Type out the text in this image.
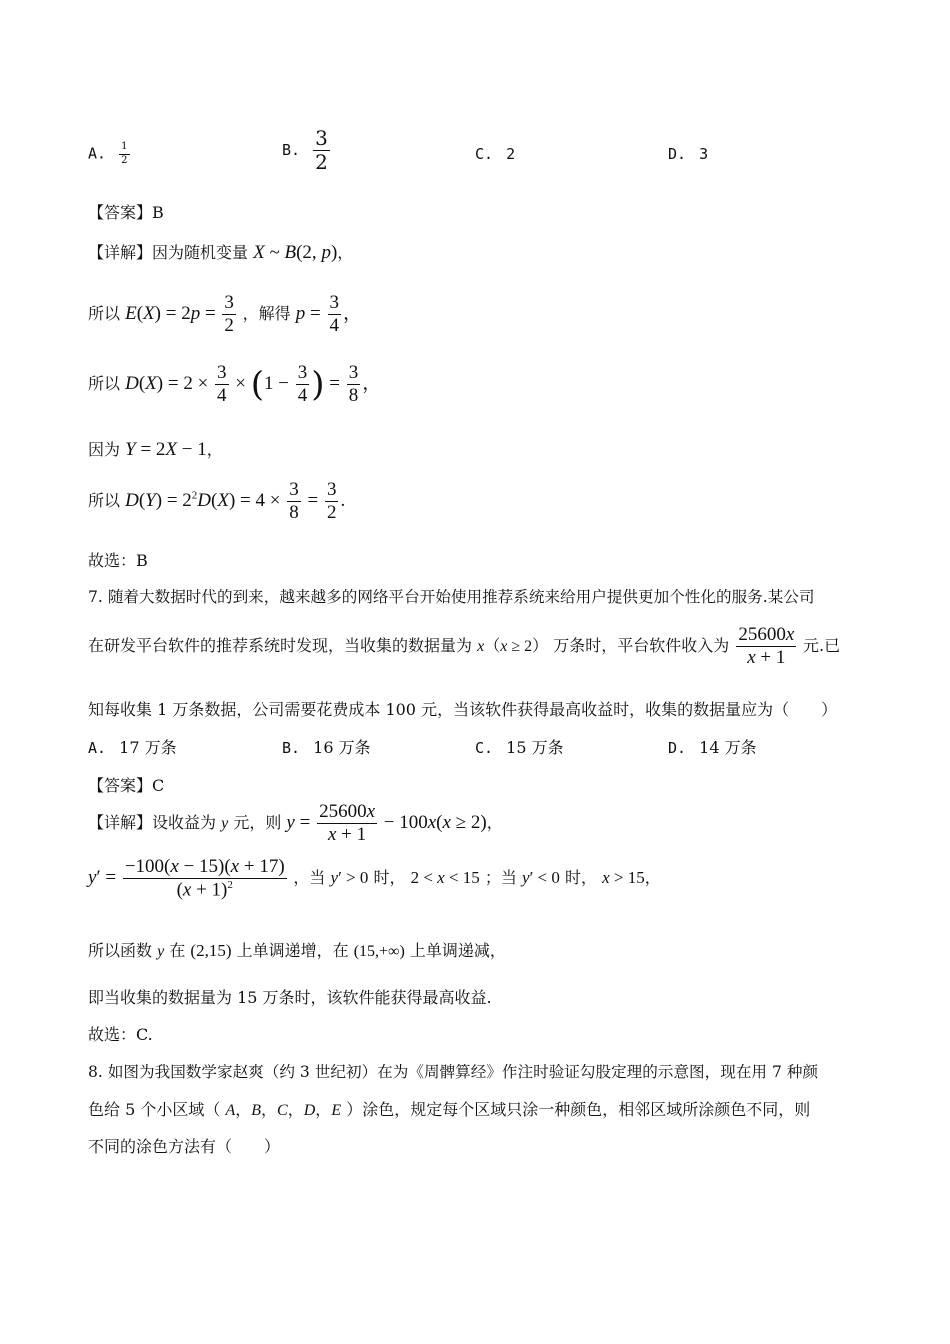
A. $\frac{1}{2}$	B. $\frac{3}{2}$	C. 2	D. 3
【答案】B
【详解】因为随机变量 X ~ B(2, p)，
所以 $E(X) = 2p = \frac{3}{2}$ ，解得 $p = \frac{3}{4}$ ，
所以 $D(X) = 2 \times \frac{3}{4} \times (1 - \frac{3}{4}$ ) = $\frac{3}{8}$ ，
因为 Y = 2X − 1，
所以 $D(Y) = 2^2D(X) = 4 \times \frac{3}{8} = \frac{3}{2}$ .
故选：B
7. 随着大数据时代的到来，越来越多的网络平台开始使用推荐系统来给用户提供更加个性化的服务.某公司
在研发平台软件的推荐系统时发现，当收集的数据量为 x（x ≥ 2） 万条时，平台软件收入为 $\frac{25600x}{x + 1}$ 元.已
知每收集 1 万条数据，公司需要花费成本 100 元，当该软件获得最高收益时，收集的数据量应为（　　）
A. 17 万条	B. 16 万条	C. 15 万条	D. 14 万条
【答案】C
【详解】设收益为 y 元，则 $y = \frac{25600x}{x + 1} - 100x(x \ge 2)$，
$y' = \frac{-100(x - 15)(x + 17)}{(x + 1)^2}$ ，当 y′ > 0 时， 2 < x < 15 ；当 y′ < 0 时， x > 15，
所以函数 y 在 (2,15) 上单调递增，在 (15,+∞) 上单调递减，
即当收集的数据量为 15 万条时，该软件能获得最高收益.
故选：C.
8. 如图为我国数学家赵爽（约 3 世纪初）在为《周髀算经》作注时验证勾股定理的示意图，现在用 7 种颜
色给 5 个小区域（ A，B，C，D，E ）涂色，规定每个区域只涂一种颜色，相邻区域所涂颜色不同，则
不同的涂色方法有（　　）
